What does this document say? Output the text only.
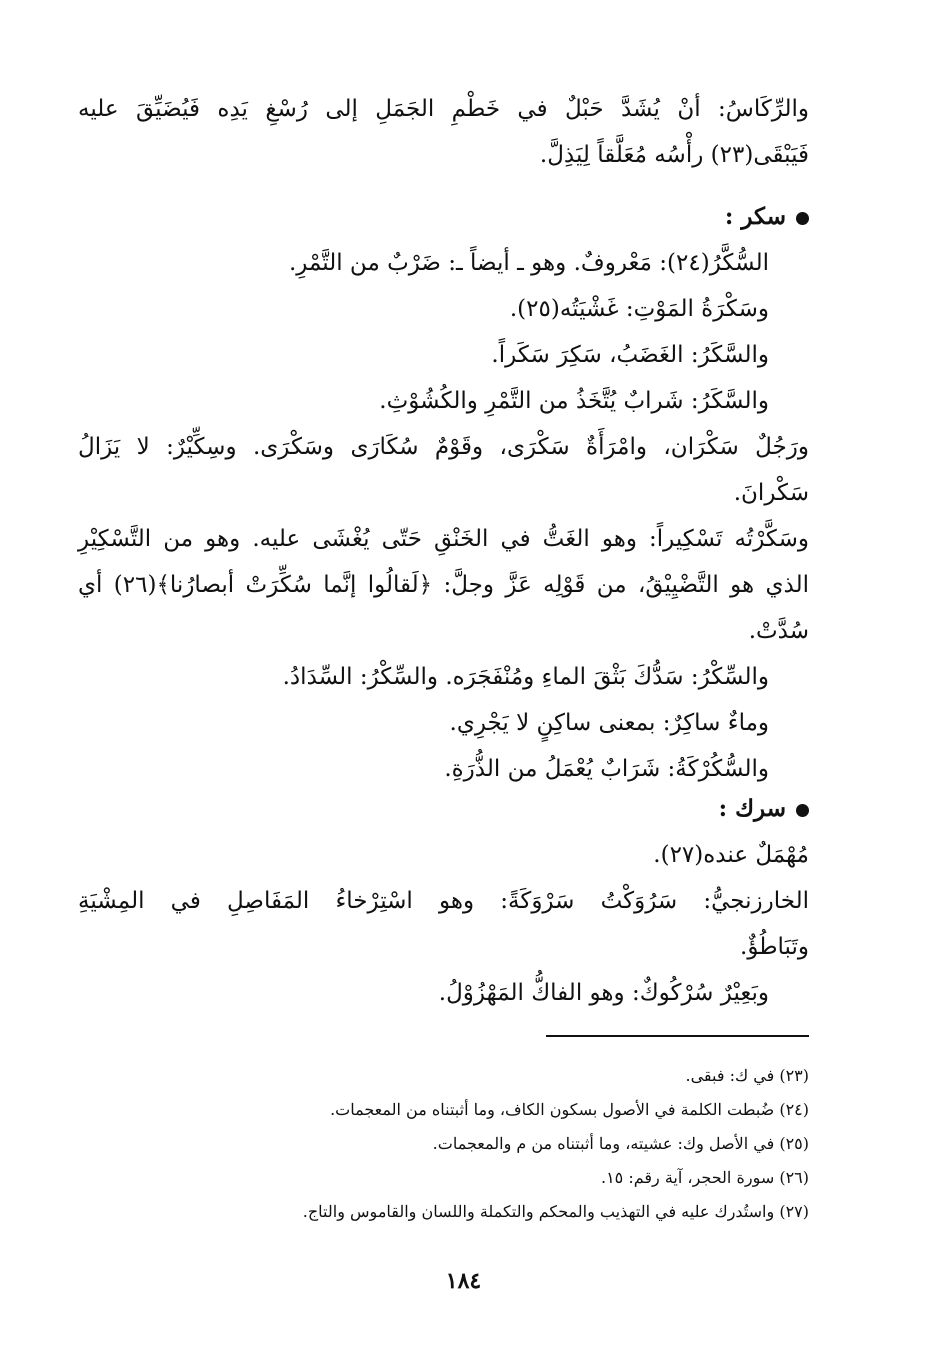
والرِّكَاسُ: أنْ يُشَدَّ حَبْلٌ في خَطْمِ الجَمَلِ إلى رُسْغِ يَدِه فَيُضَيِّقَ عليه
فَيَبْقَى(٢٣) رأْسُه مُعَلَّقاً لِيَذِلَّ.
سكر :
السُّكَّرُ(٢٤): مَعْروفٌ. وهو ـ أيضاً ـ: ضَرْبٌ من التَّمْرِ.
وسَكْرَةُ المَوْتِ: غَشْيَتُه(٢٥).
والسَّكَرُ: الغَضَبُ، سَكِرَ سَكَراً.
والسَّكَرُ: شَرابٌ يُتَّخَذُ من التَّمْرِ والكُشُوْثِ.
ورَجُلٌ سَكْرَان، وامْرَأَةٌ سَكْرَى، وقَوْمٌ سُكَارَى وسَكْرَى. وسِكِّيْرٌ: لا يَزَالُ
سَكْرانَ.
وسَكَّرْتُه تَسْكِيراً: وهو الغَتُّ في الخَنْقِ حَتّى يُغْشَى عليه. وهو من التَّسْكِيْرِ
الذي هو التَّضْيِيْقُ، من قَوْلِه عَزَّ وجلَّ: ﴿لَقالُوا إنَّما سُكِّرَتْ أبصارُنا﴾(٢٦) أي
سُدَّتْ.
والسِّكْرُ: سَدُّكَ بَثْقَ الماءِ ومُنْفَجَرَه. والسِّكْرُ: السِّدَادُ.
وماءٌ ساكِرٌ: بمعنى ساكِنٍ لا يَجْرِي.
والسُّكُرْكَةُ: شَرَابٌ يُعْمَلُ من الذُّرَةِ.
سرك :
مُهْمَلٌ عنده(٢٧).
الخارزنجيُّ: سَرُوَكْتُ سَرْوَكَةً: وهو اسْتِرْخاءُ المَفَاصِلِ في المِشْيَةِ
وتَبَاطُؤٌ.
وبَعِيْرٌ سُرْكُوكٌ: وهو الفاكُّ المَهْزُوْلُ.
(٢٣) في ك: فبقى.
(٢٤) ضُبطت الكلمة في الأصول بسكون الكاف، وما أثبتناه من المعجمات.
(٢٥) في الأصل وك: عشيته، وما أثبتناه من م والمعجمات.
(٢٦) سورة الحجر، آية رقم: ١٥.
(٢٧) واستُدرك عليه في التهذيب والمحكم والتكملة واللسان والقاموس والتاج.
١٨٤
